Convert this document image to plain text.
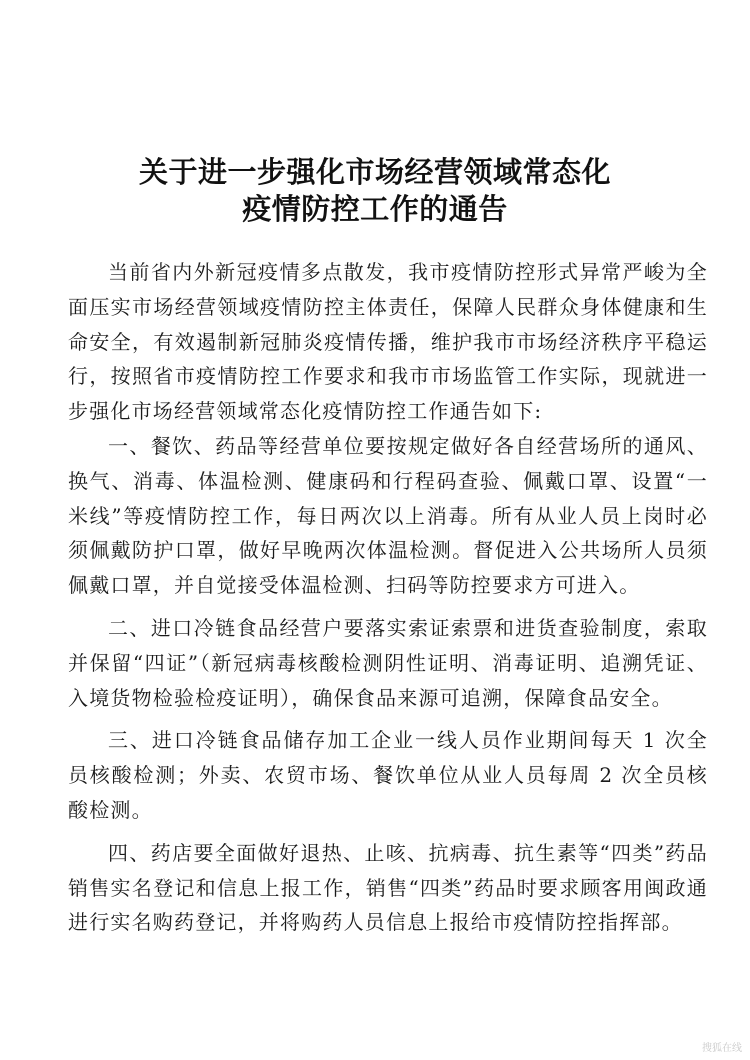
关于进一步强化市场经营领域常态化
疫情防控工作的通告

当前省内外新冠疫情多点散发，我市疫情防控形式异常严峻为全面压实市场经营领域疫情防控主体责任，保障人民群众身体健康和生命安全，有效遏制新冠肺炎疫情传播，维护我市市场经济秩序平稳运行，按照省市疫情防控工作要求和我市市场监管工作实际，现就进一步强化市场经营领域常态化疫情防控工作通告如下:

一、餐饮、药品等经营单位要按规定做好各自经营场所的通风、换气、消毒、体温检测、健康码和行程码查验、佩戴口罩、设置“一米线”等疫情防控工作，每日两次以上消毒。所有从业人员上岗时必须佩戴防护口罩，做好早晚两次体温检测。督促进入公共场所人员须佩戴口罩，并自觉接受体温检测、扫码等防控要求方可进入。

二、进口冷链食品经营户要落实索证索票和进货查验制度，索取并保留“四证”（新冠病毒核酸检测阴性证明、消毒证明、追溯凭证、入境货物检验检疫证明），确保食品来源可追溯，保障食品安全。

三、进口冷链食品储存加工企业一线人员作业期间每天 1 次全员核酸检测；外卖、农贸市场、餐饮单位从业人员每周 2 次全员核酸检测。

四、药店要全面做好退热、止咳、抗病毒、抗生素等“四类”药品销售实名登记和信息上报工作，销售“四类”药品时要求顾客用闽政通进行实名购药登记，并将购药人员信息上报给市疫情防控指挥部。

搜狐在线
